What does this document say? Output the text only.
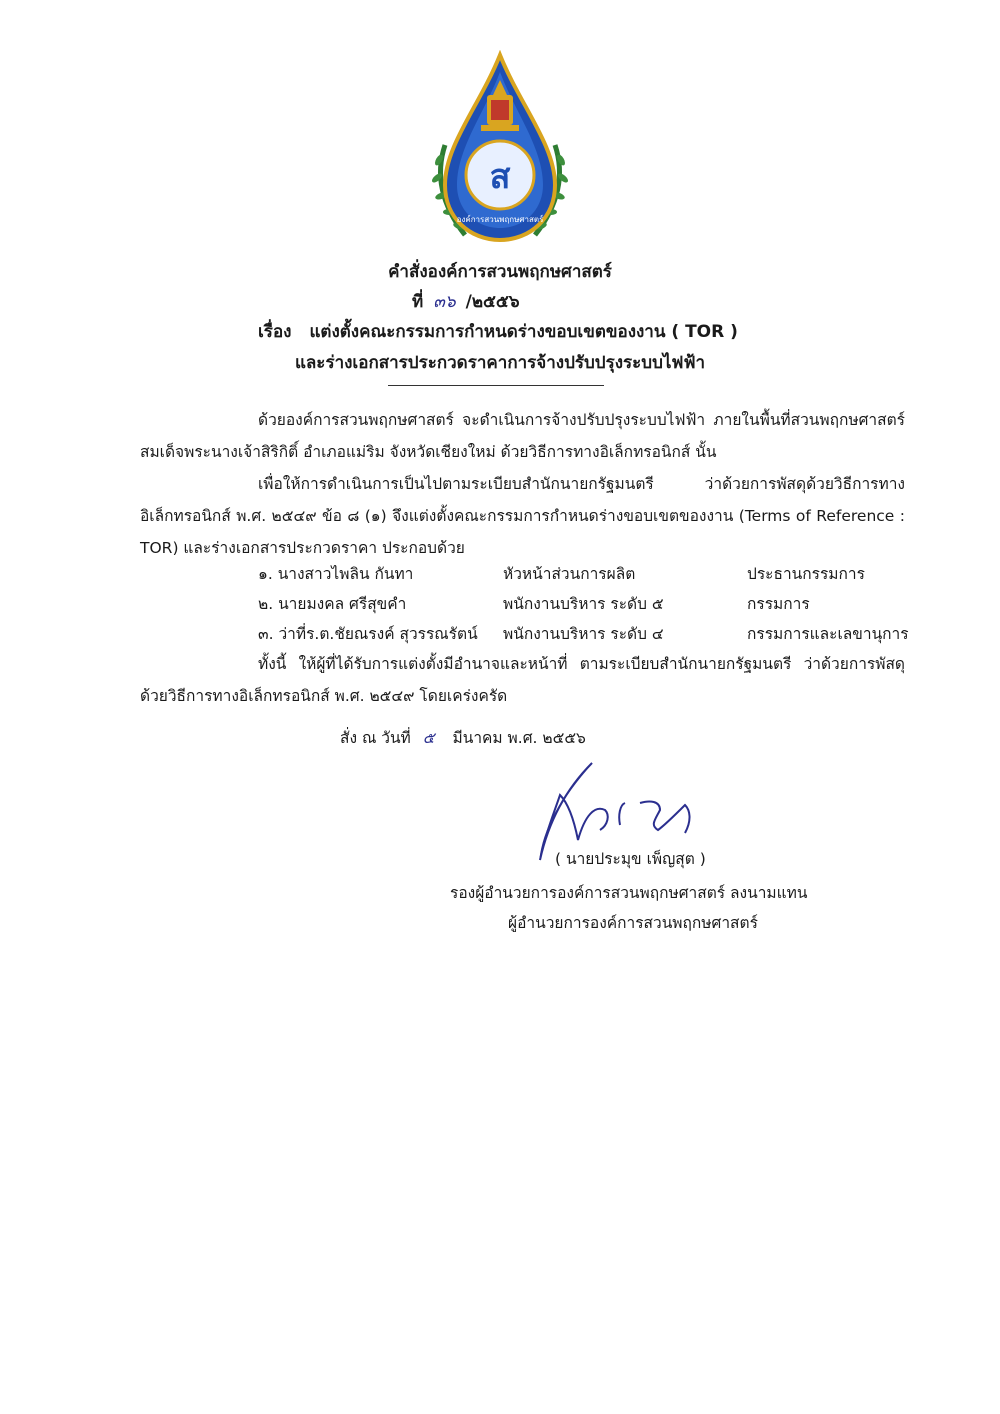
ส
องค์การสวนพฤกษศาสตร์
คำสั่งองค์การสวนพฤกษศาสตร์
ที่ ๓๖ /๒๕๕๖
เรื่อง แต่งตั้งคณะกรรมการกำหนดร่างขอบเขตของงาน ( TOR )
และร่างเอกสารประกวดราคาการจ้างปรับปรุงระบบไฟฟ้า
ด้วยองค์การสวนพฤกษศาสตร์ จะดำเนินการจ้างปรับปรุงระบบไฟฟ้า ภายในพื้นที่สวนพฤกษศาสตร์สมเด็จพระนางเจ้าสิริกิติ์ อำเภอแม่ริม จังหวัดเชียงใหม่ ด้วยวิธีการทางอิเล็กทรอนิกส์ นั้น
เพื่อให้การดำเนินการเป็นไปตามระเบียบสำนักนายกรัฐมนตรี ว่าด้วยการพัสดุด้วยวิธีการทางอิเล็กทรอนิกส์ พ.ศ. ๒๕๔๙ ข้อ ๘ (๑) จึงแต่งตั้งคณะกรรมการกำหนดร่างขอบเขตของงาน (Terms of Reference : TOR) และร่างเอกสารประกวดราคา ประกอบด้วย
๑. นางสาวไพลิน กันทา	หัวหน้าส่วนการผลิต	ประธานกรรมการ
๒. นายมงคล ศรีสุขคำ	พนักงานบริหาร ระดับ ๕	กรรมการ
๓. ว่าที่ร.ต.ชัยณรงค์ สุวรรณรัตน์ พนักงานบริหาร ระดับ ๔	กรรมการและเลขานุการ
ทั้งนี้ ให้ผู้ที่ได้รับการแต่งตั้งมีอำนาจและหน้าที่ ตามระเบียบสำนักนายกรัฐมนตรี ว่าด้วยการพัสดุ ด้วยวิธีการทางอิเล็กทรอนิกส์ พ.ศ. ๒๕๔๙ โดยเคร่งครัด
สั่ง ณ วันที่ ๕ มีนาคม พ.ศ. ๒๕๕๖
( นายประมุข เพ็ญสุต )
รองผู้อำนวยการองค์การสวนพฤกษศาสตร์ ลงนามแทน
ผู้อำนวยการองค์การสวนพฤกษศาสตร์
